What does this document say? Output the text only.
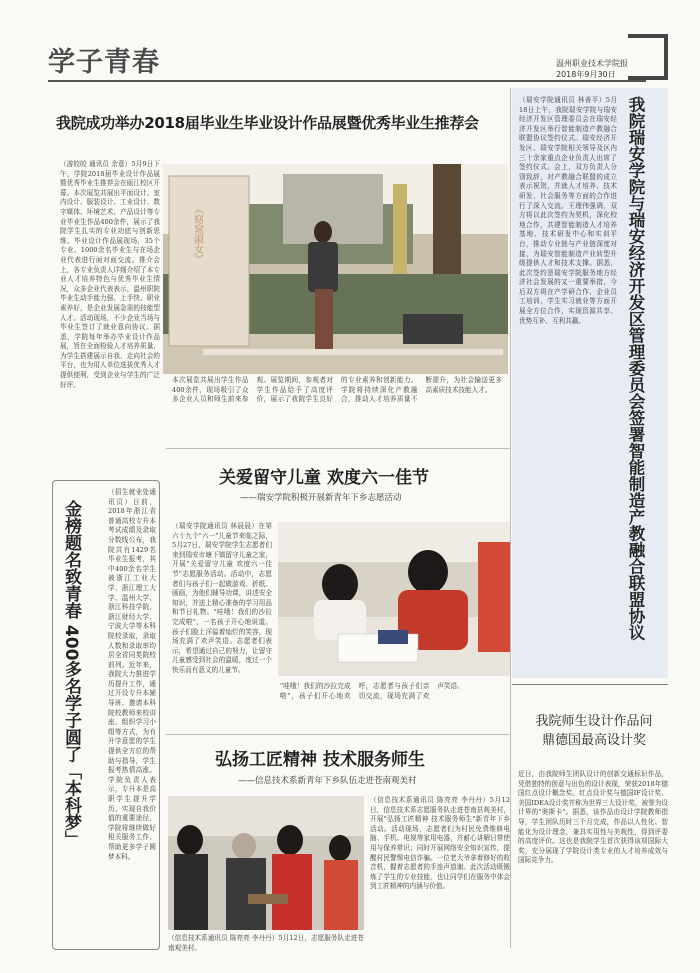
学子青春	温州职业技术学院报
2018年9月30日
我院瑞安学院与瑞安经济开发区管理委员会签署智能制造产教融合联盟协议
（瑞安学院通讯员 林善平）5月18日上午，我院瑞安学院与瑞安经济开发区管理委员会在瑞安经济开发区举行智能制造产教融合联盟协议签约仪式。瑞安经济开发区、瑞安学院相关领导及区内三十余家重点企业负责人出席了签约仪式。会上，双方负责人分别致辞，对产教融合联盟的成立表示祝贺，并就人才培养、技术研发、社会服务等方面的合作进行了深入交流。王理伟强调，双方将以此次签约为契机，深化校地合作，共建智能制造人才培养基地、技术研发中心和实训平台，推动专业链与产业链深度对接，为瑞安智能制造产业转型升级提供人才和技术支撑。据悉，此次签约是瑞安学院服务地方经济社会发展的又一重要举措，今后双方将在产学研合作、企业员工培训、学生实习就业等方面开展全方位合作，实现资源共享、优势互补、互利共赢。
我院成功举办2018届毕业生毕业设计作品展暨优秀毕业生推荐会
（游皎皎 通讯员 余意）5月9日下午，学院2018届毕业设计作品展暨优秀毕业生推荐会在瓯江校区开幕。本次展览共展出平面设计、室内设计、服装设计、工业设计、数字媒体、环境艺术、产品设计等专业毕业生作品400余件，展示了我院学生扎实的专业功底与创新思维。毕业设计作品展现场，35个专业、1000余名毕业生与在场企业代表进行面对面交流。推介会上，各专业负责人详细介绍了本专业人才培养特色与优秀毕业生情况，众多企业代表表示，温州职院毕业生动手能力强、上手快、职业素养好，是企业发展急需的技能型人才。活动现场，不少企业当场与毕业生签订了就业意向协议。据悉，学院每年举办毕业设计作品展，旨在全面检验人才培养质量，为学生搭建展示自我、走向社会的平台，也为用人单位选拔优秀人才提供便利，受到企业与学生的广泛好评。
本次展览共展出学生作品400余件，现场吸引了众多企业人员和师生前来参观。展览期间，参观者对学生作品给予了高度评价，展示了我院学生良好的专业素养和创新能力。学院将持续深化产教融合，推动人才培养质量不断提升，为社会输送更多高素质技术技能人才。
《窈窕淑女》
金榜题名致青春 400多名学子圆了「本科梦」
（招生就业处通讯员）日前，2018年浙江省普通高校专升本考试成绩及录取分数线公布，我院共有1429名毕业生报考，其中400余名学生被浙江工业大学、浙江理工大学、温州大学、浙江科技学院、浙江财经大学、宁波大学等本科院校录取，录取人数和录取率均居全省同类院校前列。近年来，我院大力推进学历提升工作，通过开设专升本辅导班、邀请本科院校教师来校讲座、组织学习小组等方式，为有升学意愿的学生提供全方位的帮助与指导，学生报考热情高涨。学院负责人表示，专升本是高职学生提升学历、实现自我价值的重要途径，学院将继续做好相关服务工作，帮助更多学子圆梦本科。
关爱留守儿童 欢度六一佳节
——瑞安学院积极开展新青年下乡志愿活动
（瑞安学院通讯员 林晨晨）在第六十九个"六一"儿童节来临之际，5月27日，瑞安学院学生志愿者们来到瑞安市塘下镇留守儿童之家，开展"关爱留守儿童 欢度六一佳节"志愿服务活动。活动中，志愿者们与孩子们一起做游戏、折纸、画画，为他们辅导功课，讲述安全知识，并送上精心准备的学习用品和节日礼物。"哇哦！我们的沙拉完成啦"，一名孩子开心地说道。孩子们脸上洋溢着灿烂的笑容，现场充满了欢声笑语。志愿者们表示，希望通过自己的努力，让留守儿童感受到社会的温暖，度过一个快乐而有意义的儿童节。
"哇哦！我们的沙拉完成啦"，孩子们开心地欢呼，志愿者与孩子们亲切交流，现场充满了欢声笑语。
弘扬工匠精神 技术服务师生
——信息技术系新青年下乡队伍走进苍南观美村
（信息技术系通讯员 陈亮亮 李丹丹）5月12日，信息技术系志愿服务队走进苍南县观美村，开展"弘扬工匠精神 技术服务师生"新青年下乡活动。活动现场，志愿者们为村民免费维修电脑、手机、电视等家用电器，并耐心讲解日常使用与保养常识；同时开展网络安全知识宣传，提醒村民警惕电信诈骗。一位老大爷拿着修好的收音机，握着志愿者的手连声道谢。此次活动既锻炼了学生的专业技能，也让同学们在服务中体会到工匠精神的内涵与价值。
（信息技术系通讯员 陈亮亮 李丹丹）5月12日，志愿服务队走进苍南观美村。
我院师生设计作品问鼎德国最高设计奖
近日，由我院师生团队设计的创新交通标识作品，凭借独特的创意与出色的设计表现，荣获2018年德国红点设计概念奖。红点设计奖与德国IF设计奖、美国IDEA设计奖并称为世界三大设计奖，被誉为设计界的"奥斯卡"。据悉，该作品由设计学院教师指导，学生团队历时三个月完成，作品以人性化、智能化为设计理念，兼具实用性与美观性，得到评委的高度评价。这也是我院学生首次获得该项国际大奖，充分展现了学院设计类专业的人才培养成效与国际竞争力。
